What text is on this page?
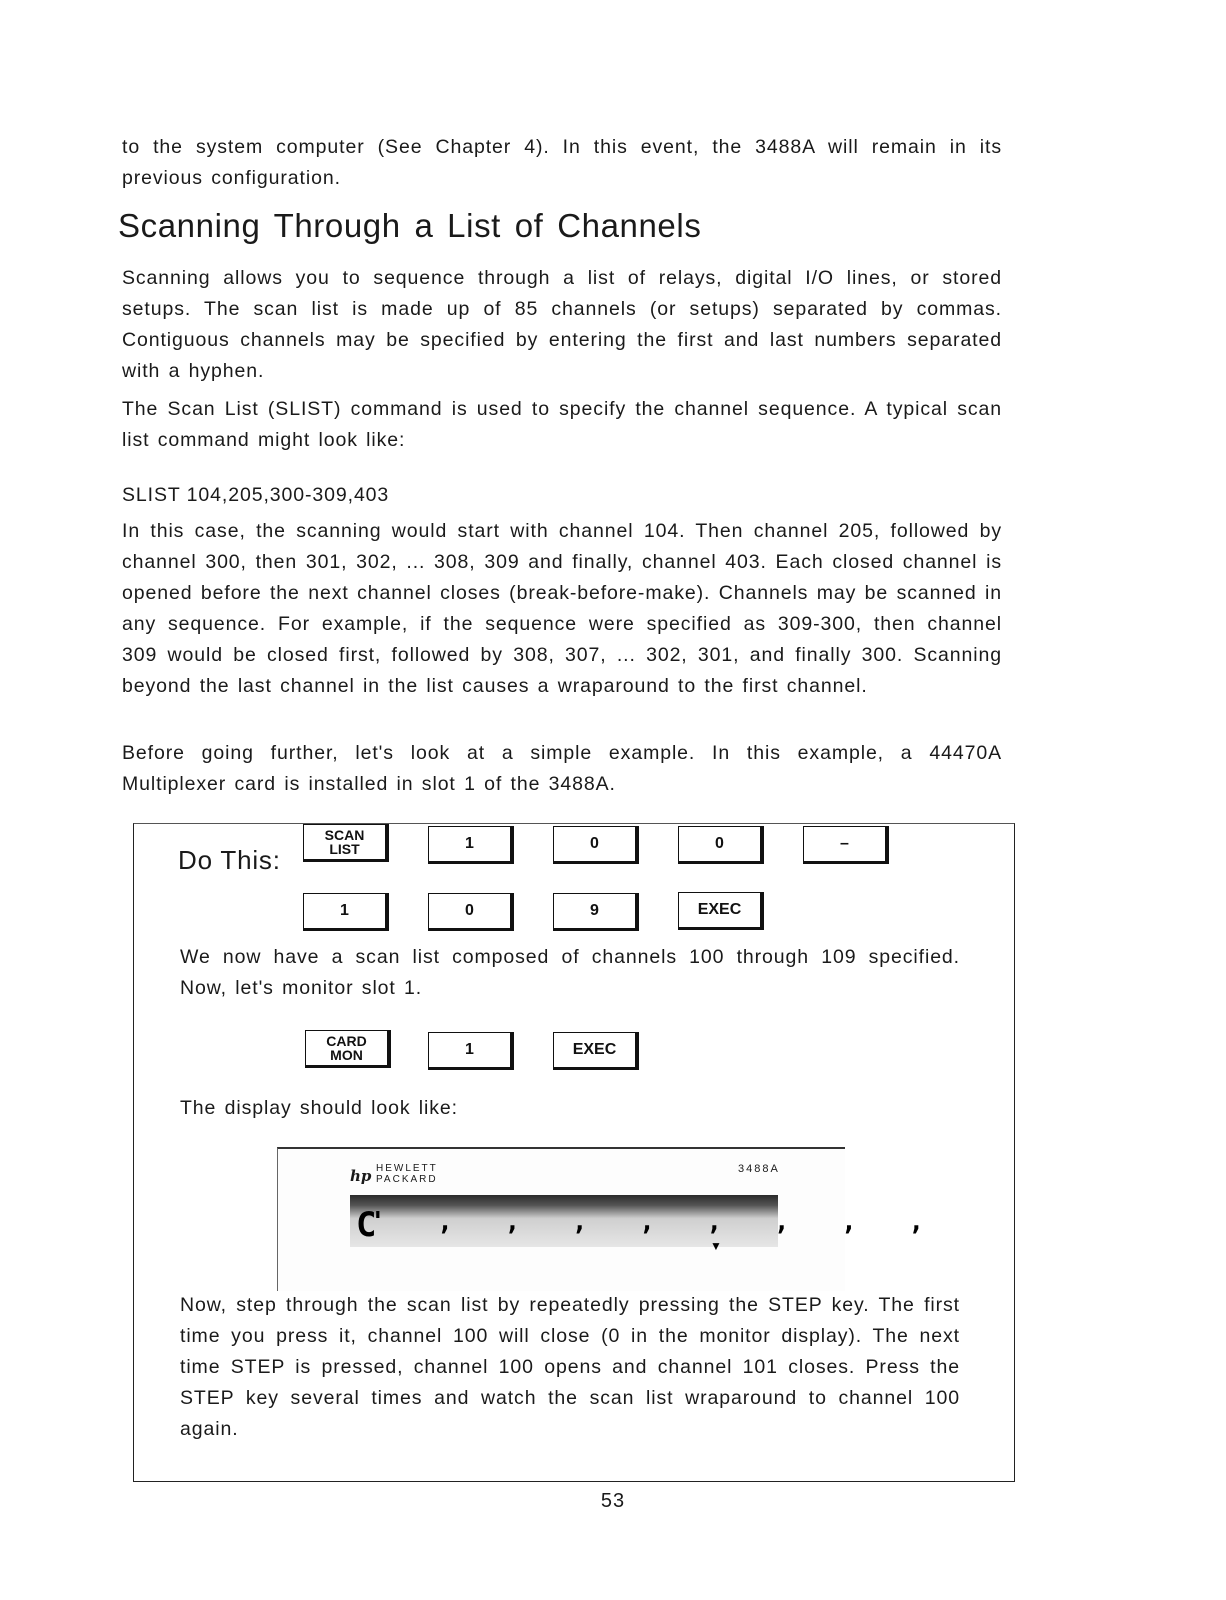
to the system computer (See Chapter 4). In this event, the 3488A will remain in its previous configuration.

Scanning Through a List of Channels

Scanning allows you to sequence through a list of relays, digital I/O lines, or stored setups. The scan list is made up of 85 channels (or setups) separated by commas. Contiguous channels may be specified by entering the first and last numbers separated with a hyphen.

The Scan List (SLIST) command is used to specify the channel sequence. A typical scan list command might look like:

SLIST 104,205,300-309,403

In this case, the scanning would start with channel 104. Then channel 205, followed by channel 300, then 301, 302, ... 308, 309 and finally, channel 403. Each closed channel is opened before the next channel closes (break-before-make). Channels may be scanned in any sequence. For example, if the sequence were specified as 309-300, then channel 309 would be closed first, followed by 308, 307, ... 302, 301, and finally 300. Scanning beyond the last channel in the list causes a wraparound to the first channel.

Before going further, let's look at a simple example. In this example, a 44470A Multiplexer card is installed in slot 1 of the 3488A.

Do This:

SCAN
LIST	1	0	0	–
1	0	9	EXEC

We now have a scan list composed of channels 100 through 109 specified. Now, let's monitor slot 1.

CARD
MON	1	EXEC

The display should look like:

hp HEWLETT
PACKARD
3488A
C
' , , , , , , , ,
▼

Now, step through the scan list by repeatedly pressing the STEP key. The first time you press it, channel 100 will close (0 in the monitor display). The next time STEP is pressed, channel 100 opens and channel 101 closes. Press the STEP key several times and watch the scan list wraparound to channel 100 again.

53
